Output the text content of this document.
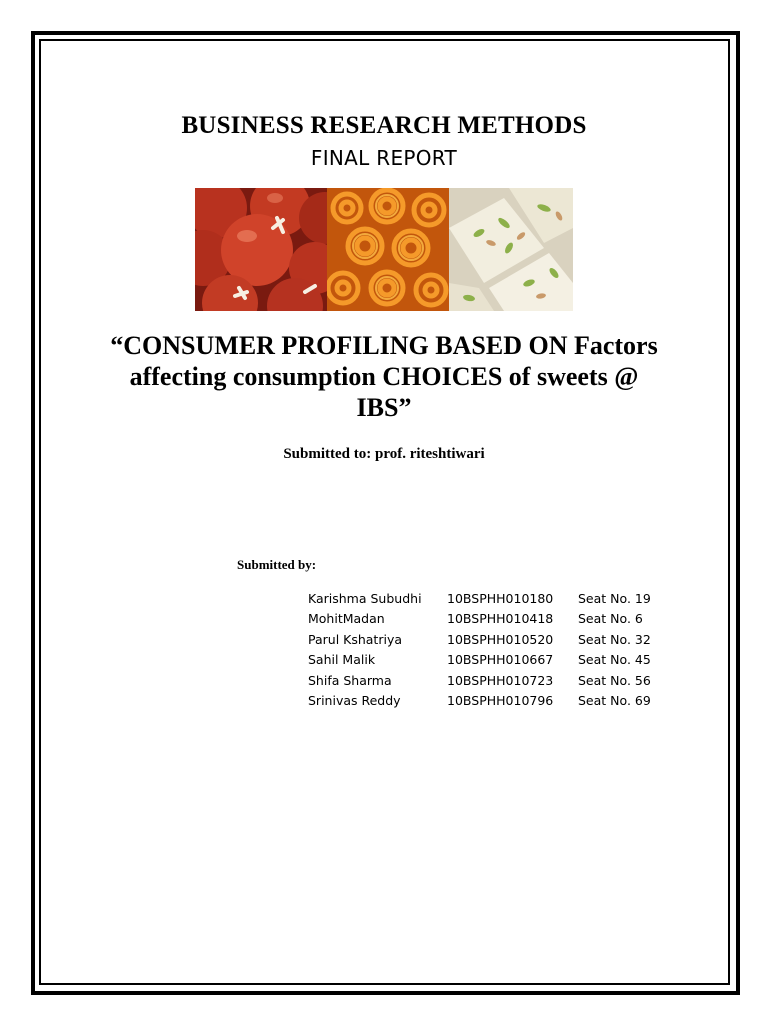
BUSINESS RESEARCH METHODS
FINAL REPORT
“CONSUMER PROFILING BASED ON Factors
affecting consumption CHOICES of sweets @
IBS”
Submitted to: prof. riteshtiwari
Submitted by:
Karishma Subudhi	10BSPHH010180	Seat No. 19
MohitMadan	10BSPHH010418	Seat No. 6
Parul Kshatriya	10BSPHH010520	Seat No. 32
Sahil Malik	10BSPHH010667	Seat No. 45
Shifa Sharma	10BSPHH010723	Seat No. 56
Srinivas Reddy	10BSPHH010796	Seat No. 69
